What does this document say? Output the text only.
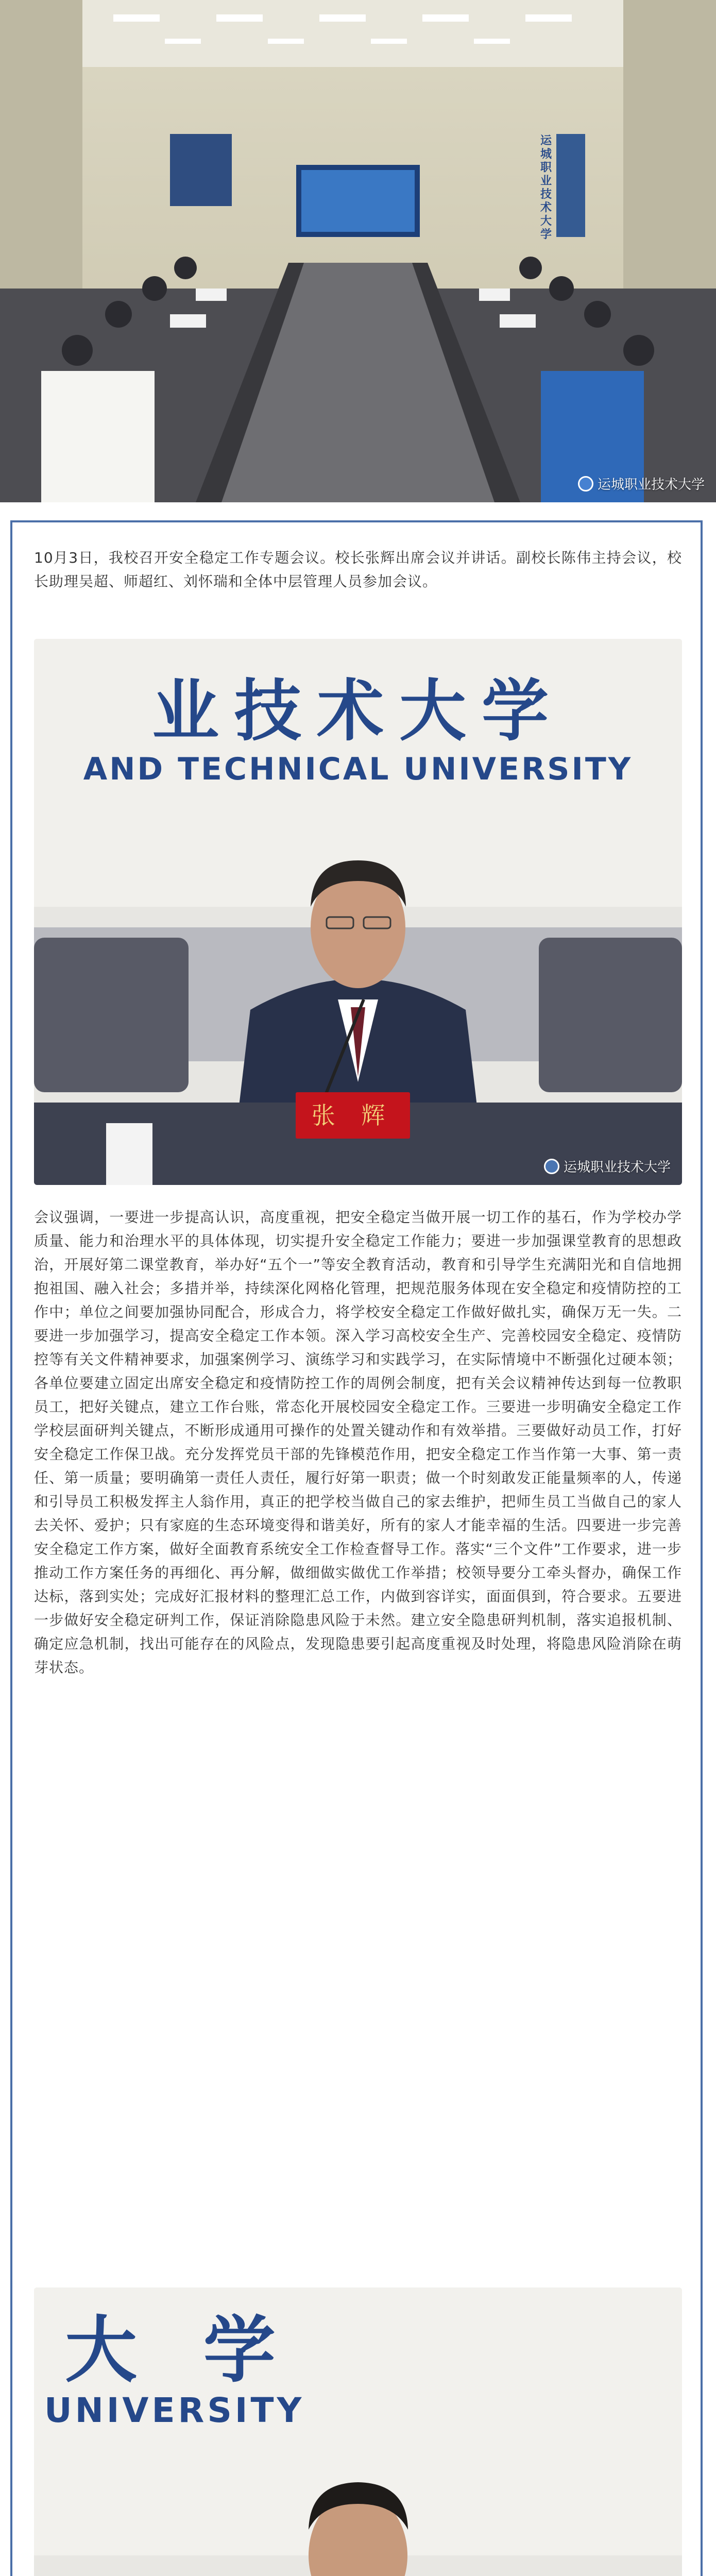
运城职业技术大学
运城职业技术大学

10月3日，我校召开安全稳定工作专题会议。校长张辉出席会议并讲话。副校长陈伟主持会议，校长助理吴超、师超红、刘怀瑞和全体中层管理人员参加会议。

业技术大学
AND TECHNICAL UNIVERSITY
张 辉
运城职业技术大学

会议强调，一要进一步提高认识，高度重视，把安全稳定当做开展一切工作的基石，作为学校办学质量、能力和治理水平的具体体现，切实提升安全稳定工作能力；要进一步加强课堂教育的思想政治，开展好第二课堂教育，举办好“五个一”等安全教育活动，教育和引导学生充满阳光和自信地拥抱祖国、融入社会；多措并举，持续深化网格化管理，把规范服务体现在安全稳定和疫情防控的工作中；单位之间要加强协同配合，形成合力，将学校安全稳定工作做好做扎实，确保万无一失。二要进一步加强学习，提高安全稳定工作本领。深入学习高校安全生产、完善校园安全稳定、疫情防控等有关文件精神要求，加强案例学习、演练学习和实践学习，在实际情境中不断强化过硬本领；各单位要建立固定出席安全稳定和疫情防控工作的周例会制度，把有关会议精神传达到每一位教职员工，把好关键点，建立工作台账，常态化开展校园安全稳定工作。三要进一步明确安全稳定工作学校层面研判关键点，不断形成通用可操作的处置关键动作和有效举措。三要做好动员工作，打好安全稳定工作保卫战。充分发挥党员干部的先锋模范作用，把安全稳定工作当作第一大事、第一责任、第一质量；要明确第一责任人责任，履行好第一职责；做一个时刻敢发正能量频率的人，传递和引导员工积极发挥主人翁作用，真正的把学校当做自己的家去维护，把师生员工当做自己的家人去关怀、爱护；只有家庭的生态环境变得和谐美好，所有的家人才能幸福的生活。四要进一步完善安全稳定工作方案，做好全面教育系统安全工作检查督导工作。落实“三个文件”工作要求，进一步推动工作方案任务的再细化、再分解，做细做实做优工作举措；校领导要分工牵头督办，确保工作达标，落到实处；完成好汇报材料的整理汇总工作，内做到容详实，面面俱到，符合要求。五要进一步做好安全稳定研判工作，保证消除隐患风险于未然。建立安全隐患研判机制，落实追报机制、确定应急机制，找出可能存在的风险点，发现隐患要引起高度重视及时处理，将隐患风险消除在萌芽状态。

大 学
UNIVERSITY
